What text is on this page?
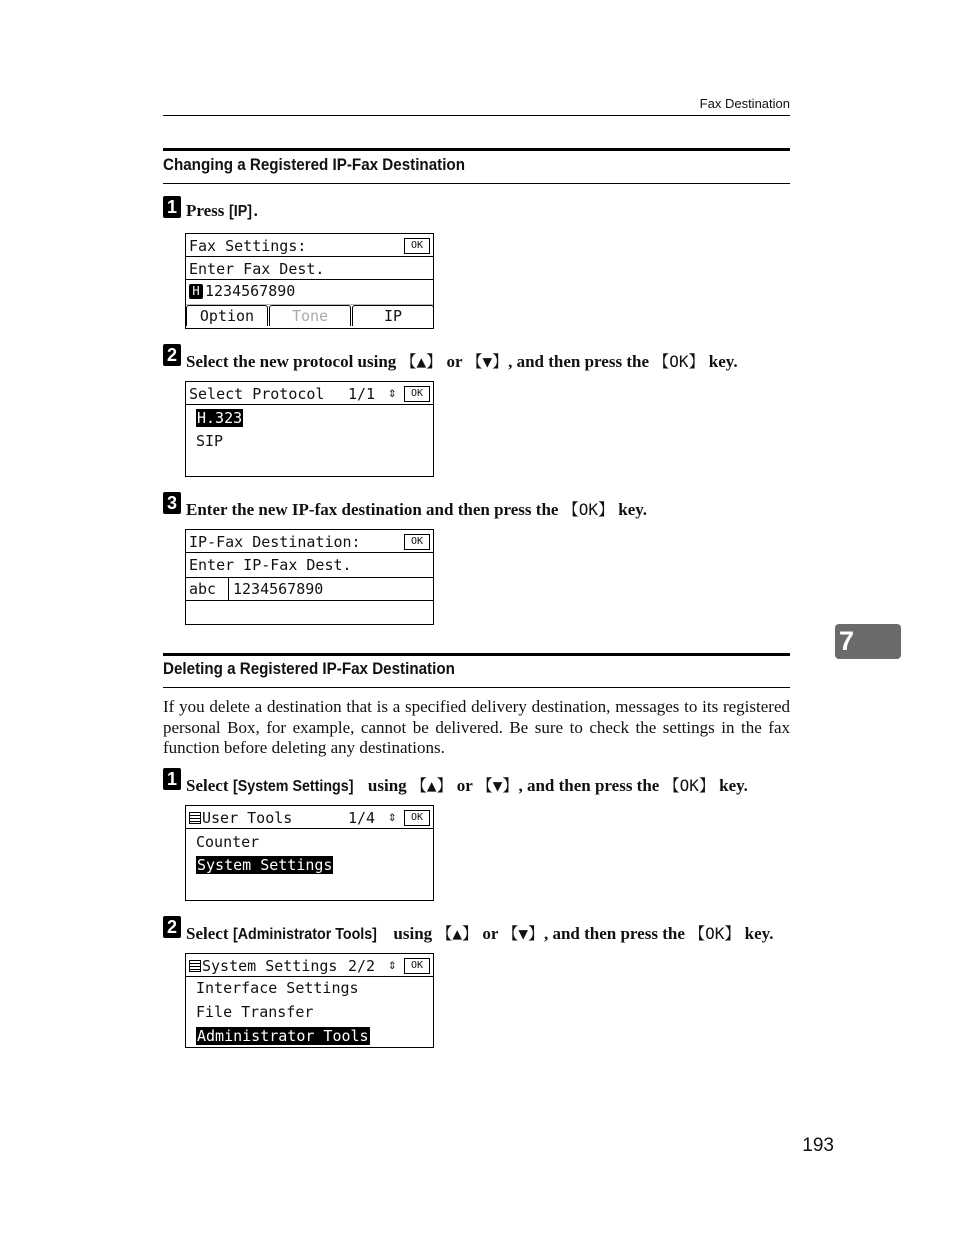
Fax Destination
Changing a Registered IP-Fax Destination
1 Press [IP] .
Fax Settings:	OK
Enter Fax Dest.
H 1234567890
Option	Tone	IP
2 Select the new protocol using 【▲】 or 【▼】, and then press the 【OK】 key.
Select Protocol 1/1 ⇕	OK
H.323
SIP
3 Enter the new IP-fax destination and then press the 【OK】 key.
IP-Fax Destination:	OK
Enter IP-Fax Dest.
abc 1234567890
7
Deleting a Registered IP-Fax Destination
If you delete a destination that is a specified delivery destination, messages to its registered personal Box, for example, cannot be delivered. Be sure to check the settings in the fax function before deleting any destinations.
1 Select [System Settings] using 【▲】 or 【▼】, and then press the 【OK】 key.
User Tools	1/4 ⇕	OK
Counter
System Settings
2 Select [Administrator Tools] using 【▲】 or 【▼】, and then press the 【OK】 key.
System Settings 2/2 ⇕	OK
Interface Settings
File Transfer
Administrator Tools
193
